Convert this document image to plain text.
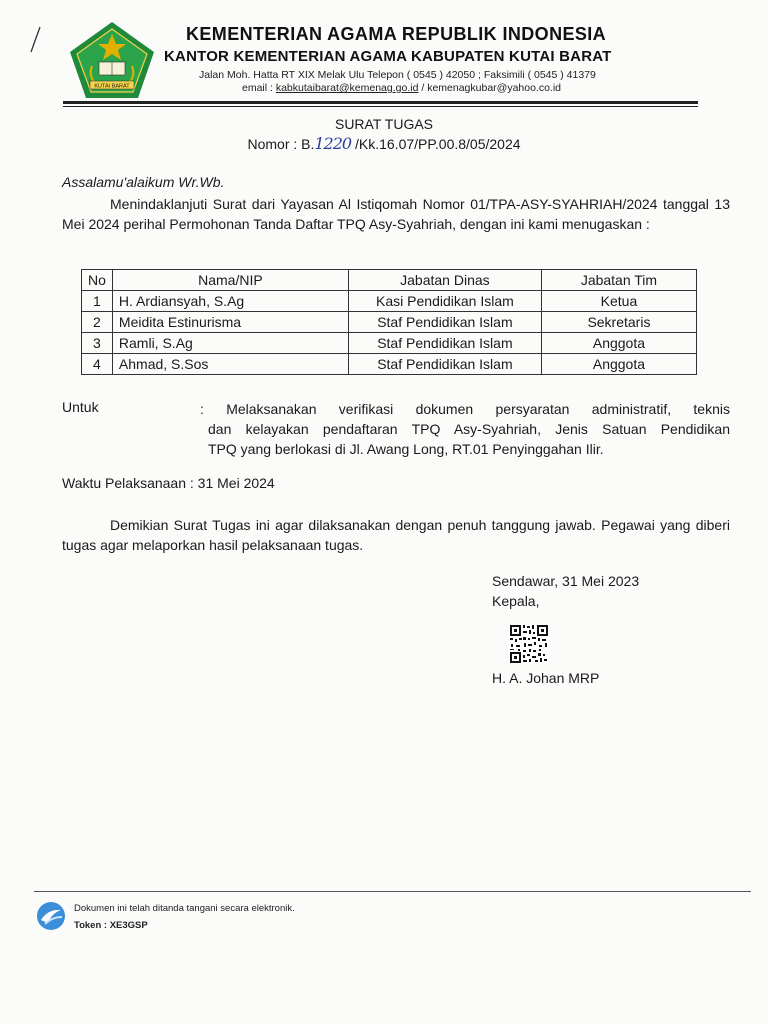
KUTAI BARAT
KEMENTERIAN AGAMA REPUBLIK INDONESIA
KANTOR KEMENTERIAN AGAMA KABUPATEN KUTAI BARAT
Jalan Moh. Hatta RT XIX Melak Ulu Telepon ( 0545 ) 42050 ; Faksimili ( 0545 ) 41379
email : kabkutaibarat@kemenag.go.id / kemenagkubar@yahoo.co.id
SURAT TUGAS
Nomor : B.1220 /Kk.16.07/PP.00.8/05/2024
Assalamu'alaikum Wr.Wb.
Menindaklanjuti Surat dari Yayasan Al Istiqomah Nomor 01/TPA-ASY-SYAHRIAH/2024 tanggal 13 Mei 2024 perihal Permohonan Tanda Daftar TPQ Asy-Syahriah, dengan ini kami menugaskan :
No	Nama/NIP	Jabatan Dinas	Jabatan Tim
1	H. Ardiansyah, S.Ag	Kasi Pendidikan Islam	Ketua
2	Meidita Estinurisma	Staf Pendidikan Islam	Sekretaris
3	Ramli, S.Ag	Staf Pendidikan Islam	Anggota
4	Ahmad, S.Sos	Staf Pendidikan Islam	Anggota
Untuk	: Melaksanakan verifikasi dokumen persyaratan administratif, teknis
dan kelayakan pendaftaran TPQ Asy-Syahriah, Jenis Satuan Pendidikan
TPQ yang berlokasi di Jl. Awang Long, RT.01 Penyinggahan Ilir.
Waktu Pelaksanaan : 31 Mei 2024
Demikian Surat Tugas ini agar dilaksanakan dengan penuh tanggung jawab. Pegawai yang diberi tugas agar melaporkan hasil pelaksanaan tugas.
Sendawar, 31 Mei 2023
Kepala,
H. A. Johan MRP
Dokumen ini telah ditanda tangani secara elektronik.
Token : XE3GSP
